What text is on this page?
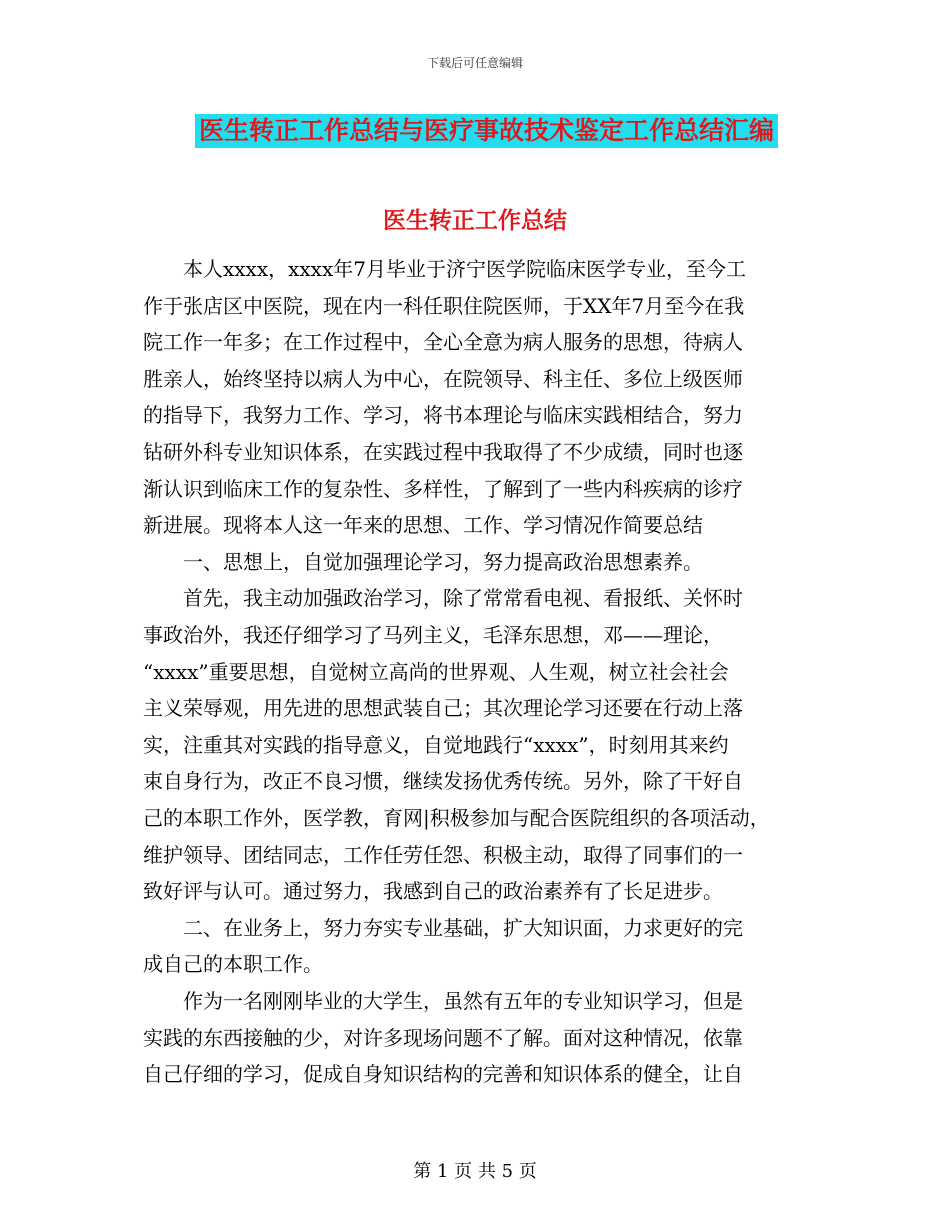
下载后可任意编辑
医生转正工作总结与医疗事故技术鉴定工作总结汇编
医生转正工作总结
　　本人xxxx，xxxx年7月毕业于济宁医学院临床医学专业，至今工
作于张店区中医院，现在内一科任职住院医师，于XX年7月至今在我
院工作一年多；在工作过程中，全心全意为病人服务的思想，待病人
胜亲人，始终坚持以病人为中心，在院领导、科主任、多位上级医师
的指导下，我努力工作、学习，将书本理论与临床实践相结合，努力
钻研外科专业知识体系，在实践过程中我取得了不少成绩，同时也逐
渐认识到临床工作的复杂性、多样性，了解到了一些内科疾病的诊疗
新进展。现将本人这一年来的思想、工作、学习情况作简要总结
　　一、思想上，自觉加强理论学习，努力提高政治思想素养。
　　首先，我主动加强政治学习，除了常常看电视、看报纸、关怀时
事政治外，我还仔细学习了马列主义，毛泽东思想，邓——理论，
“xxxx”重要思想，自觉树立高尚的世界观、人生观，树立社会社会
主义荣辱观，用先进的思想武装自己；其次理论学习还要在行动上落
实，注重其对实践的指导意义，自觉地践行“xxxx”，时刻用其来约
束自身行为，改正不良习惯，继续发扬优秀传统。另外，除了干好自
己的本职工作外，医学教，育网|积极参加与配合医院组织的各项活动，
维护领导、团结同志，工作任劳任怨、积极主动，取得了同事们的一
致好评与认可。通过努力，我感到自己的政治素养有了长足进步。
　　二、在业务上，努力夯实专业基础，扩大知识面，力求更好的完
成自己的本职工作。
　　作为一名刚刚毕业的大学生，虽然有五年的专业知识学习，但是
实践的东西接触的少，对许多现场问题不了解。面对这种情况，依靠
自己仔细的学习，促成自身知识结构的完善和知识体系的健全，让自
第 1 页 共 5 页
